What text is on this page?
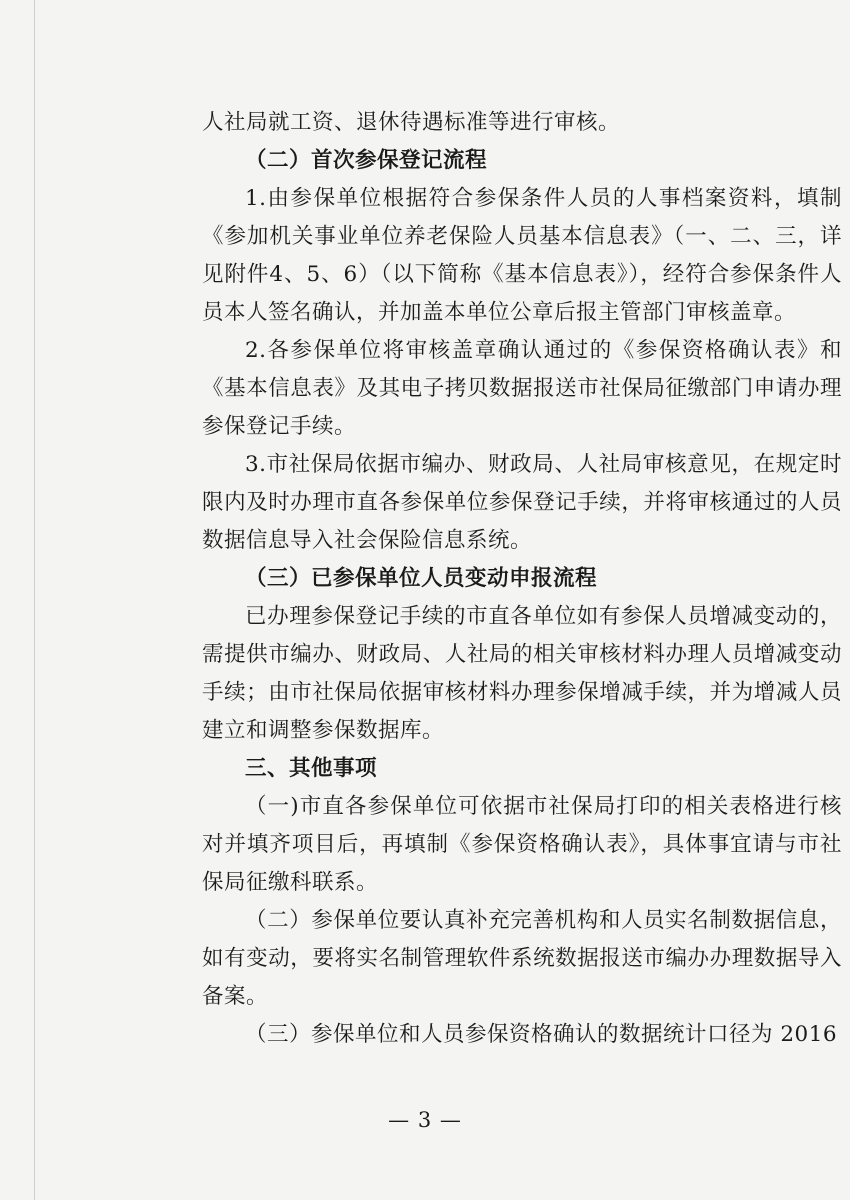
人社局就工资、退休待遇标准等进行审核。

（二）首次参保登记流程

1.由参保单位根据符合参保条件人员的人事档案资料，填制《参加机关事业单位养老保险人员基本信息表》（一、二、三，详见附件4、5、6）（以下简称《基本信息表》），经符合参保条件人员本人签名确认，并加盖本单位公章后报主管部门审核盖章。

2.各参保单位将审核盖章确认通过的《参保资格确认表》和《基本信息表》及其电子拷贝数据报送市社保局征缴部门申请办理参保登记手续。

3.市社保局依据市编办、财政局、人社局审核意见，在规定时限内及时办理市直各参保单位参保登记手续，并将审核通过的人员数据信息导入社会保险信息系统。

（三）已参保单位人员变动申报流程

已办理参保登记手续的市直各单位如有参保人员增减变动的，需提供市编办、财政局、人社局的相关审核材料办理人员增减变动手续；由市社保局依据审核材料办理参保增减手续，并为增减人员建立和调整参保数据库。

三、其他事项

（一)市直各参保单位可依据市社保局打印的相关表格进行核对并填齐项目后，再填制《参保资格确认表》，具体事宜请与市社保局征缴科联系。

（二）参保单位要认真补充完善机构和人员实名制数据信息，如有变动，要将实名制管理软件系统数据报送市编办办理数据导入备案。

（三）参保单位和人员参保资格确认的数据统计口径为 2016

— 3 —
